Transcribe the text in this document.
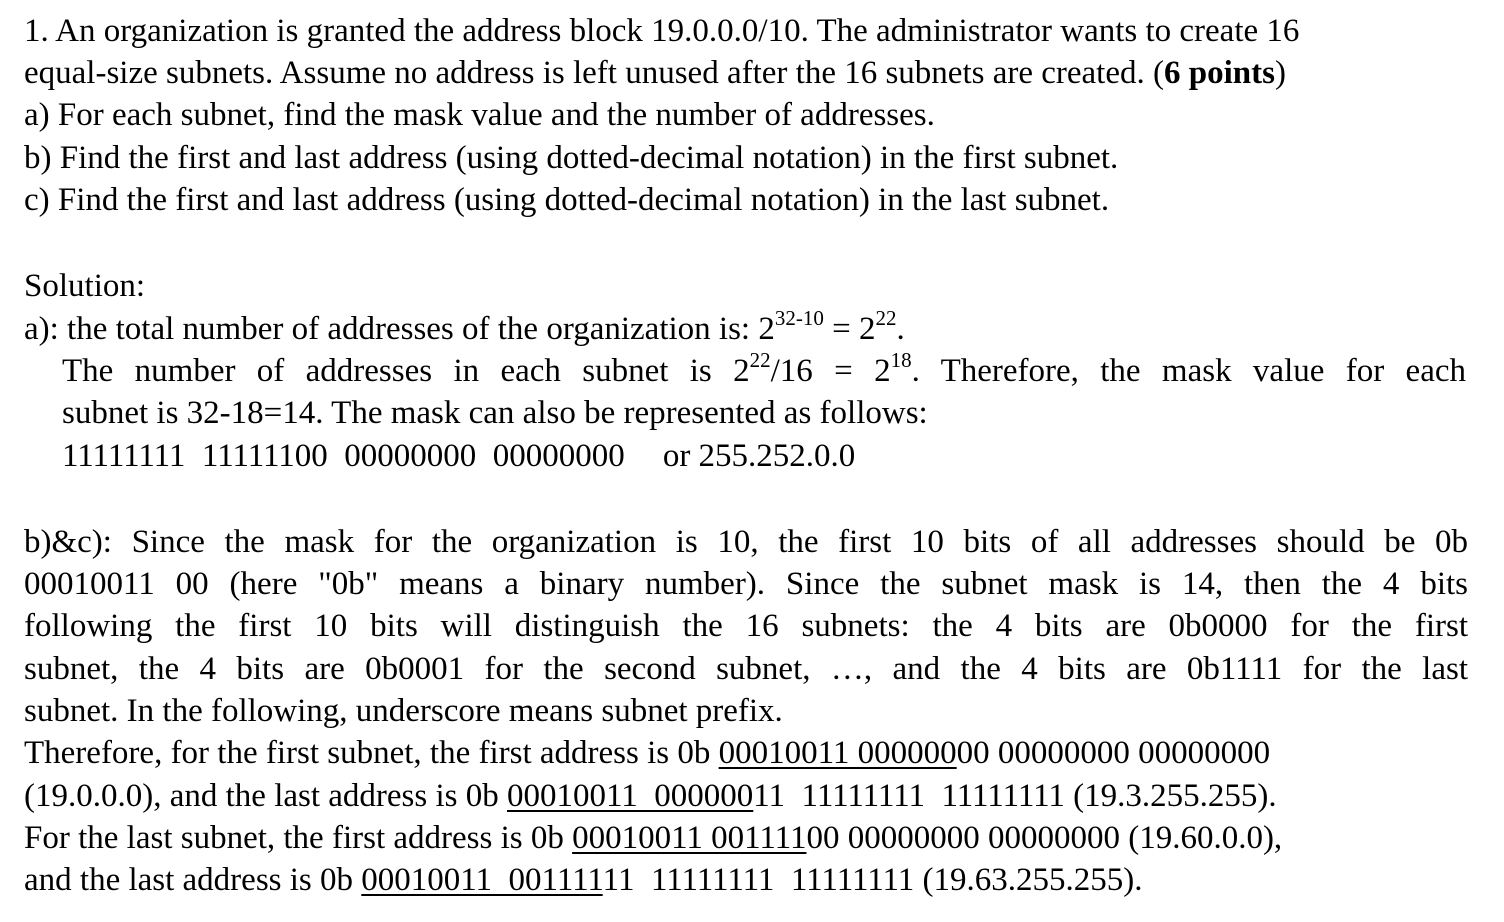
1. An organization is granted the address block 19.0.0.0/10. The administrator wants to create 16
equal-size subnets. Assume no address is left unused after the 16 subnets are created. (6 points)
a) For each subnet, find the mask value and the number of addresses.
b) Find the first and last address (using dotted-decimal notation) in the first subnet.
c) Find the first and last address (using dotted-decimal notation) in the last subnet.
Solution:
a): the total number of addresses of the organization is: $2^{32-10} = 2^{22}$.
The number of addresses in each subnet is $2^{22}/16 = 2^{18}$. Therefore, the mask value for each
subnet is 32-18=14. The mask can also be represented as follows:
11111111  11111100  00000000  00000000 or 255.252.0.0
b)&c): Since the mask for the organization is 10, the first 10 bits of all addresses should be 0b
00010011 00 (here "0b" means a binary number). Since the subnet mask is 14, then the 4 bits
following the first 10 bits will distinguish the 16 subnets: the 4 bits are 0b0000 for the first
subnet, the 4 bits are 0b0001 for the second subnet, …, and the 4 bits are 0b1111 for the last
subnet. In the following, underscore means subnet prefix.
Therefore, for the first subnet, the first address is 0b 00010011 00000000 00000000 00000000
(19.0.0.0), and the last address is 0b 00010011  00000011  11111111  11111111 (19.3.255.255).
For the last subnet, the first address is 0b 00010011 00111100 00000000 00000000 (19.60.0.0),
and the last address is 0b 00010011  00111111  11111111  11111111 (19.63.255.255).
